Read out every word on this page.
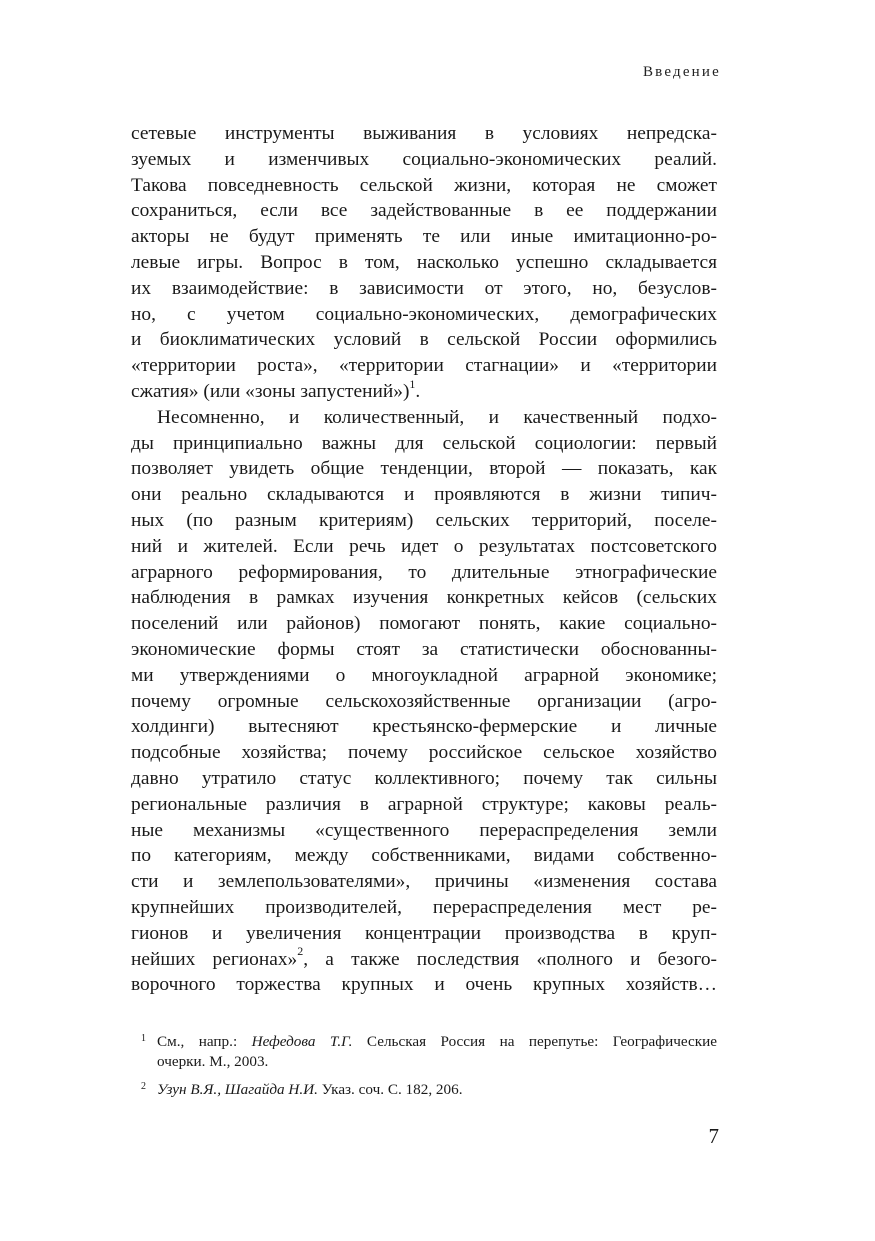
Введение
сетевые инструменты выживания в условиях непредска-
зуемых и изменчивых социально-экономических реалий.
Такова повседневность сельской жизни, которая не сможет
сохраниться, если все задействованные в ее поддержании
акторы не будут применять те или иные имитационно-ро-
левые игры. Вопрос в том, насколько успешно складывается
их взаимодействие: в зависимости от этого, но, безуслов-
но, с учетом социально-экономических, демографических
и биоклиматических условий в сельской России оформились
«территории роста», «территории стагнации» и «территории
сжатия» (или «зоны запустений»)$^1$.
Несомненно, и количественный, и качественный подхо-
ды принципиально важны для сельской социологии: первый
позволяет увидеть общие тенденции, второй — показать, как
они реально складываются и проявляются в жизни типич-
ных (по разным критериям) сельских территорий, поселе-
ний и жителей. Если речь идет о результатах постсоветского
аграрного реформирования, то длительные этнографические
наблюдения в рамках изучения конкретных кейсов (сельских
поселений или районов) помогают понять, какие социально-
экономические формы стоят за статистически обоснованны-
ми утверждениями о многоукладной аграрной экономике;
почему огромные сельскохозяйственные организации (агро-
холдинги) вытесняют крестьянско-фермерские и личные
подсобные хозяйства; почему российское сельское хозяйство
давно утратило статус коллективного; почему так сильны
региональные различия в аграрной структуре; каковы реаль-
ные механизмы «существенного перераспределения земли
по категориям, между собственниками, видами собственно-
сти и землепользователями», причины «изменения состава
крупнейших производителей, перераспределения мест ре-
гионов и увеличения концентрации производства в круп-
нейших регионах»$^2$, а также последствия «полного и безого-
ворочного торжества крупных и очень крупных хозяйств…
1 См., напр.: Нефедова Т.Г. Сельская Россия на перепутье: Географические
очерки. М., 2003.
2 Узун В.Я., Шагайда Н.И. Указ. соч. С. 182, 206.
7
